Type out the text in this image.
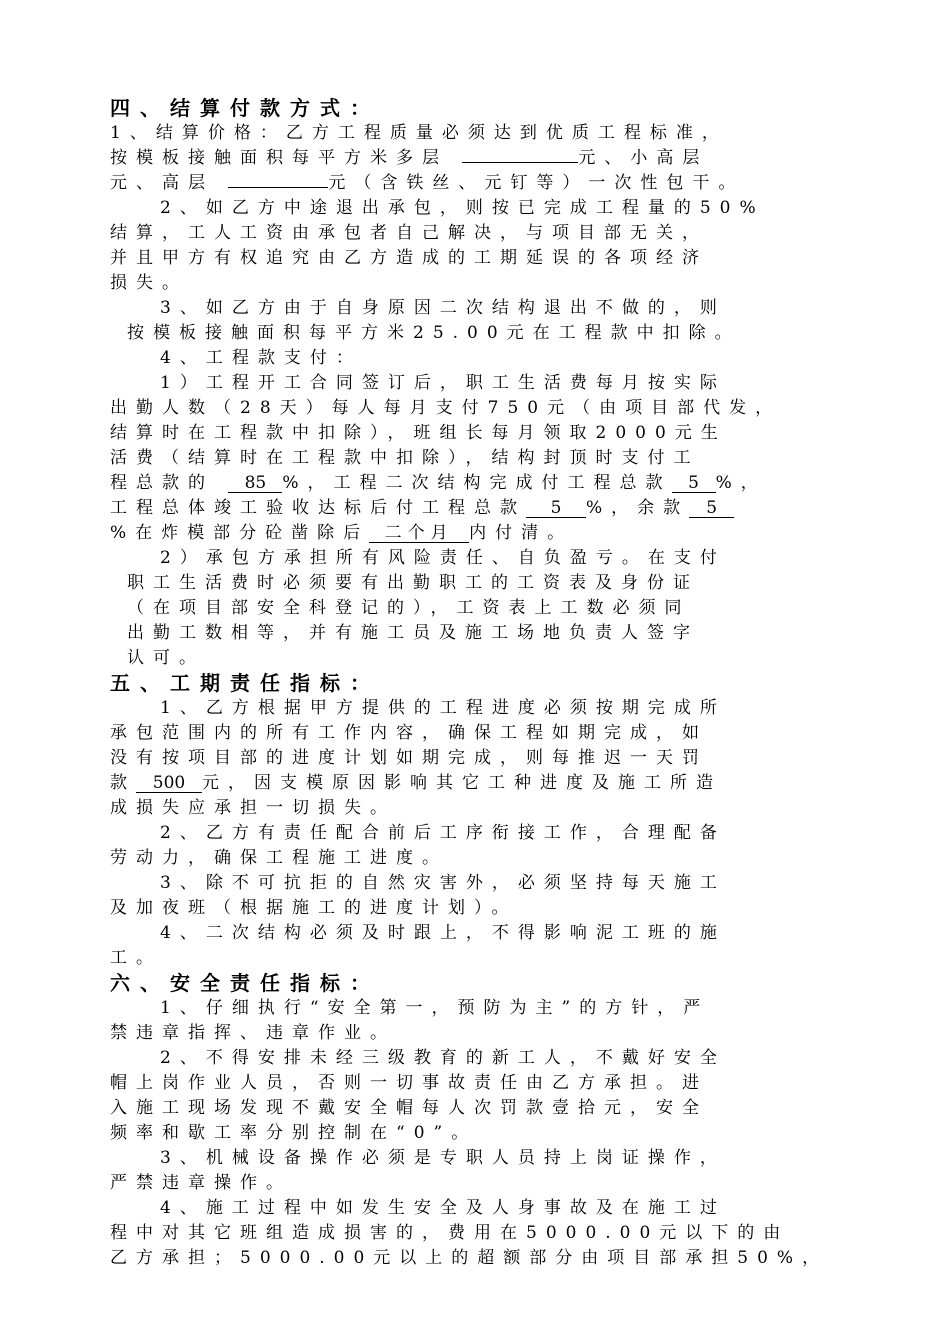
四、结算付款方式：
1、结算价格：乙方工程质量必须达到优质工程标准，
按模板接触面积每平方米多层	元、小高层
元、高层	元（含铁丝、元钉等）一次性包干。
2、如乙方中途退出承包，则按已完成工程量的50%
结算，工人工资由承包者自己解决，与项目部无关，
并且甲方有权追究由乙方造成的工期延误的各项经济
损失。
3、如乙方由于自身原因二次结构退出不做的，则
按模板接触面积每平方米25.00元在工程款中扣除。
4、工程款支付：
1）工程开工合同签订后，职工生活费每月按实际
出勤人数（28天）每人每月支付750元（由项目部代发，
结算时在工程款中扣除），班组长每月领取2000元生
活费（结算时在工程款中扣除），结构封顶时支付工
程总款的 85 %，工程二次结构完成付工程总款 5 %，
工程总体竣工验收达标后付工程总款 5 %，余款 5
%在炸模部分砼凿除后 二个月 内付清。
2）承包方承担所有风险责任、自负盈亏。在支付
职工生活费时必须要有出勤职工的工资表及身份证
（在项目部安全科登记的），工资表上工数必须同
出勤工数相等，并有施工员及施工场地负责人签字
认可。
五、工期责任指标：
1、乙方根据甲方提供的工程进度必须按期完成所
承包范围内的所有工作内容，确保工程如期完成，如
没有按项目部的进度计划如期完成，则每推迟一天罚
款 500 元，因支模原因影响其它工种进度及施工所造
成损失应承担一切损失。
2、乙方有责任配合前后工序衔接工作，合理配备
劳动力，确保工程施工进度。
3、除不可抗拒的自然灾害外，必须坚持每天施工
及加夜班（根据施工的进度计划）。
4、二次结构必须及时跟上，不得影响泥工班的施
工。
六、安全责任指标：
1、仔细执行“安全第一，预防为主”的方针，严
禁违章指挥、违章作业。
2、不得安排未经三级教育的新工人，不戴好安全
帽上岗作业人员，否则一切事故责任由乙方承担。进
入施工现场发现不戴安全帽每人次罚款壹拾元，安全
频率和歇工率分别控制在“0”。
3、机械设备操作必须是专职人员持上岗证操作，
严禁违章操作。
4、施工过程中如发生安全及人身事故及在施工过
程中对其它班组造成损害的，费用在5000.00元以下的由
乙方承担；5000.00元以上的超额部分由项目部承担50%，
